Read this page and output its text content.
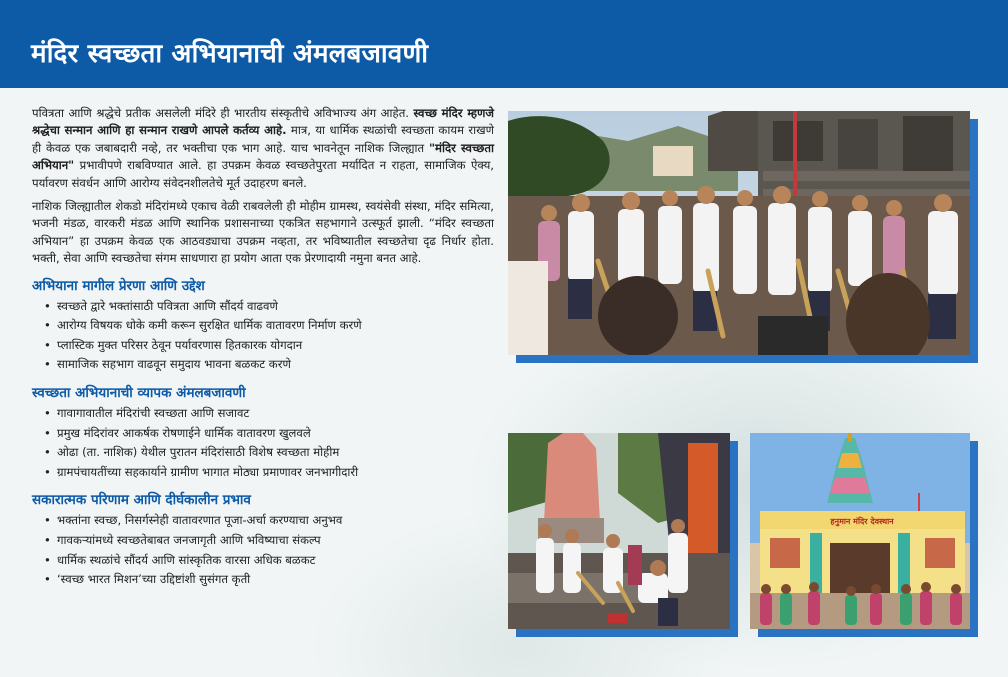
मंदिर स्वच्छता अभियानाची अंमलबजावणी

पवित्रता आणि श्रद्धेचे प्रतीक असलेली मंदिरे ही भारतीय संस्कृतीचे अविभाज्य अंग आहेत. स्वच्छ मंदिर म्हणजे श्रद्धेचा सन्मान आणि हा सन्मान राखणे आपले कर्तव्य आहे. मात्र, या धार्मिक स्थळांची स्वच्छता कायम राखणे ही केवळ एक जबाबदारी नव्हे, तर भक्तीचा एक भाग आहे. याच भावनेतून नाशिक जिल्ह्यात "मंदिर स्वच्छता अभियान" प्रभावीपणे राबविण्यात आले. हा उपक्रम केवळ स्वच्छतेपुरता मर्यादित न राहता, सामाजिक ऐक्य, पर्यावरण संवर्धन आणि आरोग्य संवेदनशीलतेचे मूर्त उदाहरण बनले.

नाशिक जिल्ह्यातील शेकडो मंदिरांमध्ये एकाच वेळी राबवलेली ही मोहीम ग्रामस्थ, स्वयंसेवी संस्था, मंदिर समित्या, भजनी मंडळ, वारकरी मंडळ आणि स्थानिक प्रशासनाच्या एकत्रित सहभागाने उत्स्फूर्त झाली. “मंदिर स्वच्छता अभियान” हा उपक्रम केवळ एक आठवड्याचा उपक्रम नव्हता, तर भविष्यातील स्वच्छतेचा दृढ निर्धार होता. भक्ती, सेवा आणि स्वच्छतेचा संगम साधणारा हा प्रयोग आता एक प्रेरणादायी नमुना बनत आहे.

अभियाना मागील प्रेरणा आणि उद्देश
• स्वच्छते द्वारे भक्तांसाठी पवित्रता आणि सौंदर्य वाढवणे
• आरोग्य विषयक धोके कमी करून सुरक्षित धार्मिक वातावरण निर्माण करणे
• प्लास्टिक मुक्त परिसर ठेवून पर्यावरणास हितकारक योगदान
• सामाजिक सहभाग वाढवून समुदाय भावना बळकट करणे
स्वच्छता अभियानाची व्यापक अंमलबजावणी
• गावागावातील मंदिरांची स्वच्छता आणि सजावट
• प्रमुख मंदिरांवर आकर्षक रोषणाईने धार्मिक वातावरण खुलवले
• ओढा (ता. नाशिक) येथील पुरातन मंदिरांसाठी विशेष स्वच्छता मोहीम
• ग्रामपंचायतींच्या सहकार्याने ग्रामीण भागात मोठ्या प्रमाणावर जनभागीदारी
सकारात्मक परिणाम आणि दीर्घकालीन प्रभाव
• भक्तांना स्वच्छ, निसर्गस्नेही वातावरणात पूजा-अर्चा करण्याचा अनुभव
• गावकऱ्यांमध्ये स्वच्छतेबाबत जनजागृती आणि भविष्याचा संकल्प
• धार्मिक स्थळांचे सौंदर्य आणि सांस्कृतिक वारसा अधिक बळकट
• ‘स्वच्छ भारत मिशन’च्या उद्दिष्टांशी सुसंगत कृती
हनुमान मंदिर देवस्थान
